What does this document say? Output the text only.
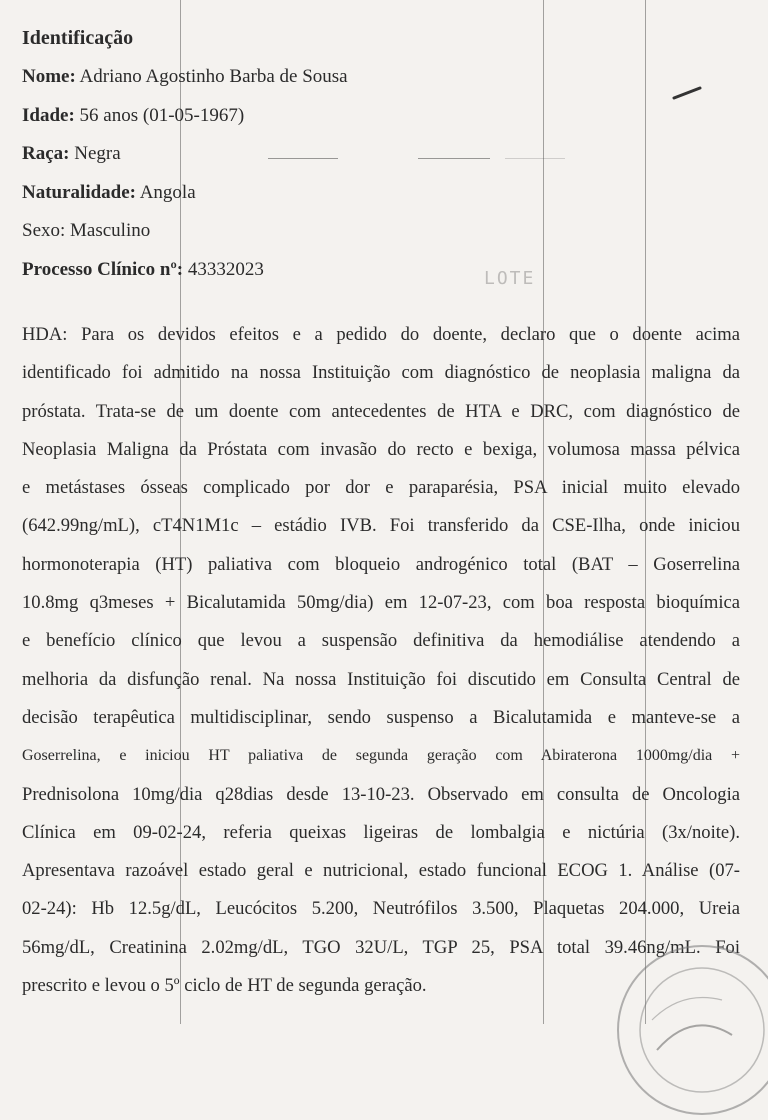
Identificação
Nome: Adriano Agostinho Barba de Sousa
Idade: 56 anos (01-05-1967)
Raça: Negra
Naturalidade: Angola
Sexo: Masculino
Processo Clínico nº: 43332023	LOTE
HDA: Para os devidos efeitos e a pedido do doente, declaro que o doente acima
identificado foi admitido na nossa Instituição com diagnóstico de neoplasia maligna da
próstata. Trata-se de um doente com antecedentes de HTA e DRC, com diagnóstico de
Neoplasia Maligna da Próstata com invasão do recto e bexiga, volumosa massa pélvica
e metástases ósseas complicado por dor e paraparésia, PSA inicial muito elevado
(642.99ng/mL), cT4N1M1c – estádio IVB. Foi transferido da CSE-Ilha, onde iniciou
hormonoterapia (HT) paliativa com bloqueio androgénico total (BAT – Goserrelina
10.8mg q3meses + Bicalutamida 50mg/dia) em 12-07-23, com boa resposta bioquímica
e benefício clínico que levou a suspensão definitiva da hemodiálise atendendo a
melhoria da disfunção renal. Na nossa Instituição foi discutido em Consulta Central de
decisão terapêutica multidisciplinar, sendo suspenso a Bicalutamida e manteve-se a
Goserrelina, e iniciou HT paliativa de segunda geração com Abiraterona 1000mg/dia +
Prednisolona 10mg/dia q28dias desde 13-10-23. Observado em consulta de Oncologia
Clínica em 09-02-24, referia queixas ligeiras de lombalgia e nictúria (3x/noite).
Apresentava razoável estado geral e nutricional, estado funcional ECOG 1. Análise (07-
02-24): Hb 12.5g/dL, Leucócitos 5.200, Neutrófilos 3.500, Plaquetas 204.000, Ureia
56mg/dL, Creatinina 2.02mg/dL, TGO 32U/L, TGP 25, PSA total 39.46ng/mL. Foi
prescrito e levou o 5º ciclo de HT de segunda geração.
